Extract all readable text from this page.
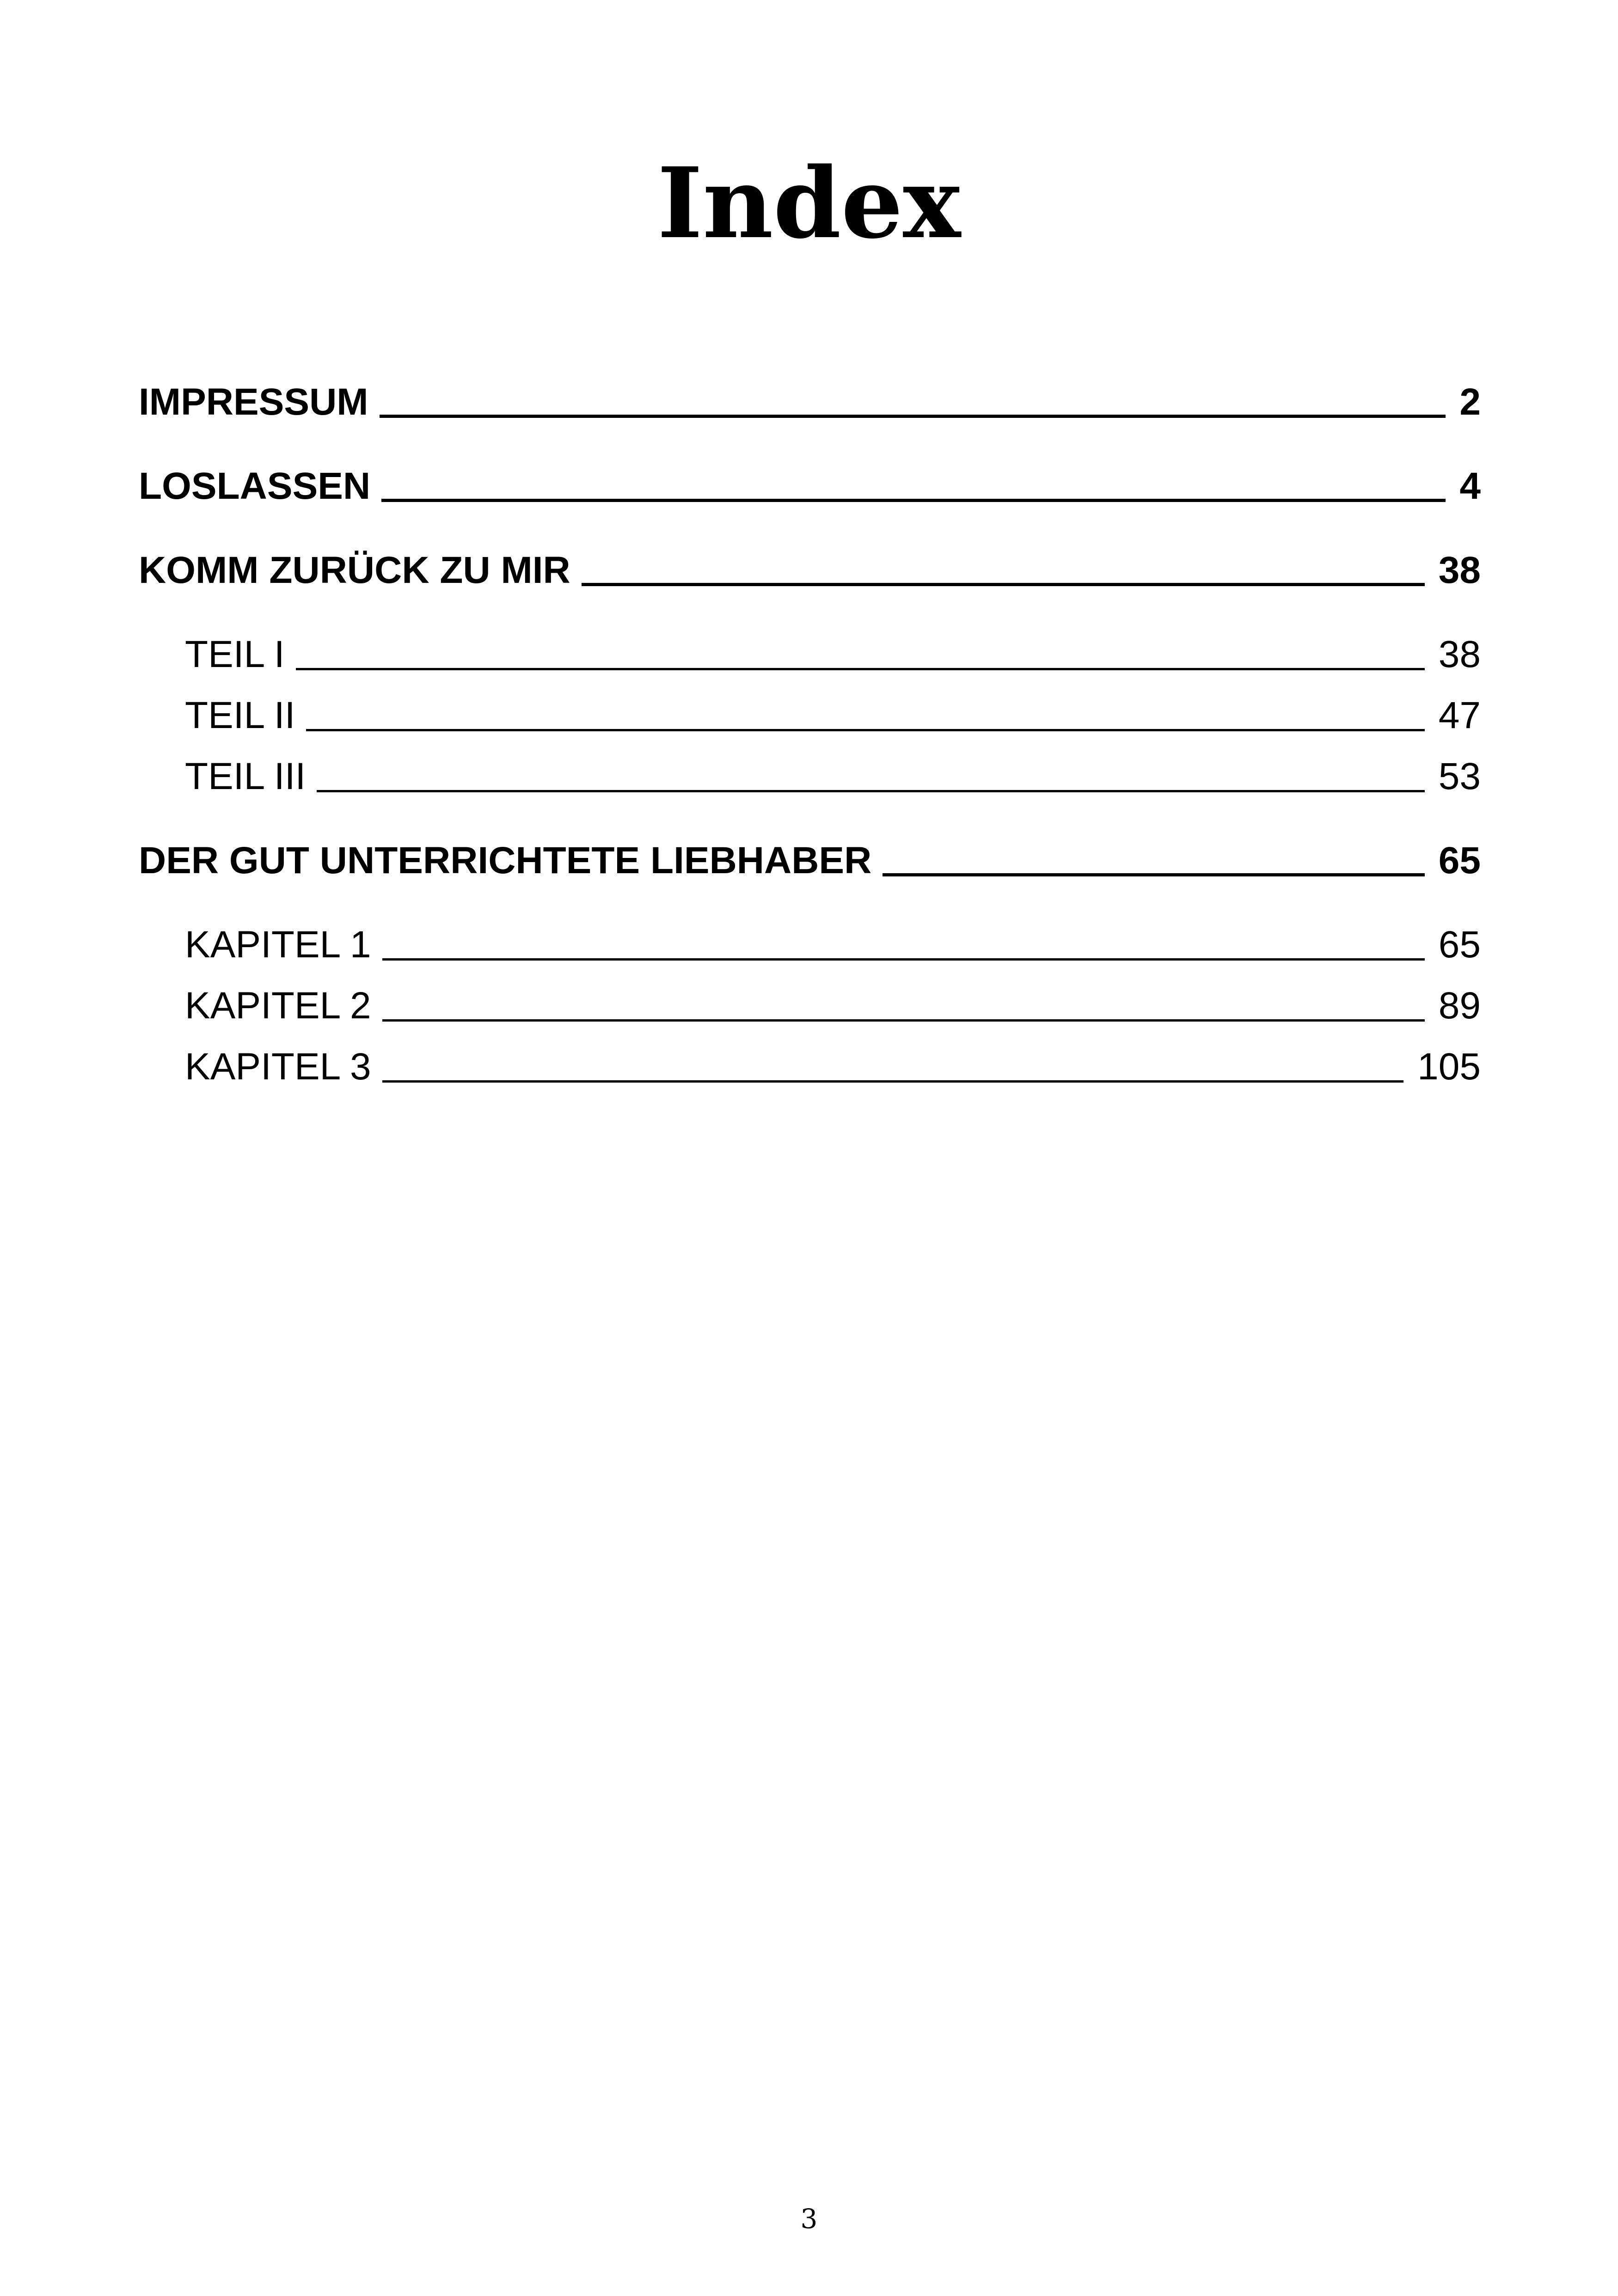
Index
IMPRESSUM	2
LOSLASSEN	4
KOMM ZURÜCK ZU MIR	38
TEIL I	38
TEIL II	47
TEIL III	53
DER GUT UNTERRICHTETE LIEBHABER	65
KAPITEL 1	65
KAPITEL 2	89
KAPITEL 3	105
3
